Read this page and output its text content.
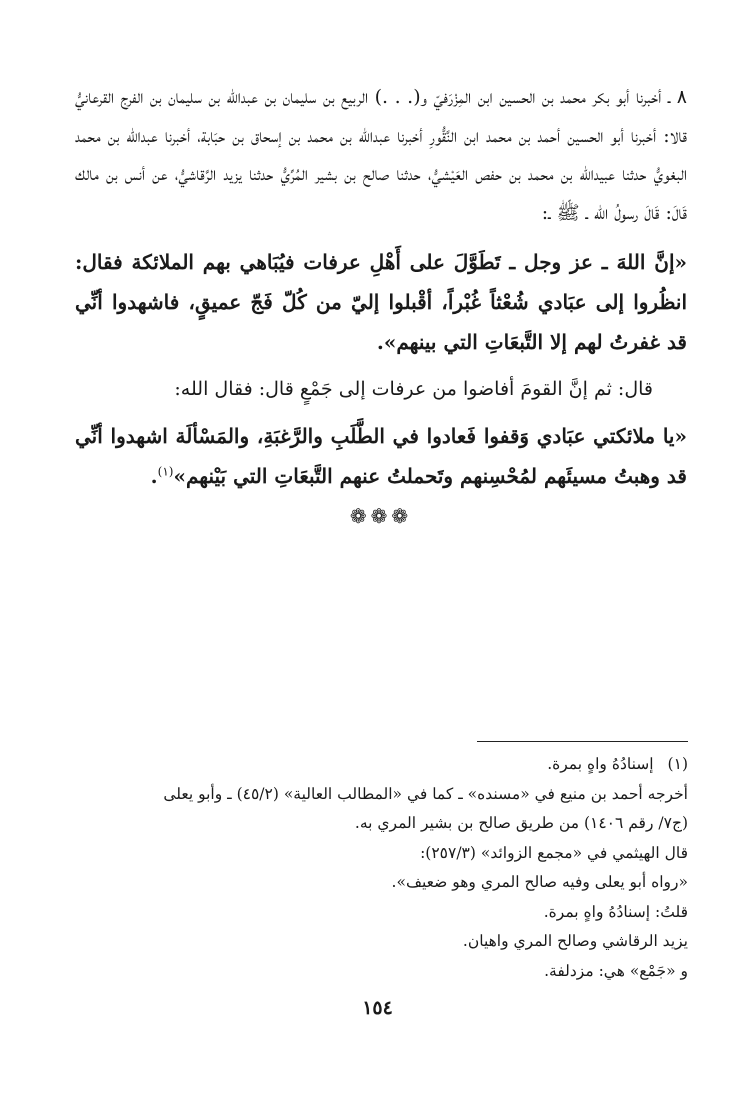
٨ ـ أخبرنا أبو بكر محمد بن الحسين ابن المِزْرَفيّ و(. . .) الربيع بن سليمان بن عبدالله بن سليمان بن الفرج القرعانيُّ قالا: أخبرنا أبو الحسين أحمد بن محمد ابن النَّقُّورِ أخبرنا عبدالله بن محمد بن إسحاق بن حبَابة، أخبرنا عبدالله بن محمد البغويُّ حدثنا عبيدالله بن محمد بن حفص العَيْشيُّ، حدثنا صالح بن بشير المُرِّيُّ حدثنا يزيد الرَّقاشيُّ، عن أنس بن مالك قَالَ: قَالَ رسولُ الله ـ ﷺ ـ:

«إنَّ اللهَ ـ عز وجل ـ تَطَوَّلَ على أَهْلِ عرفات فيُبَاهي بهم الملائكة فقال: انظُروا إلى عبَادي شُعْثاً غُبْراً، أقْبلوا إليّ من كُلّ فَجّ عميقٍ، فاشهدوا أنِّي قد غفرتُ لهم إلا التَّبعَاتِ التي بينهم».

قال: ثم إنَّ القومَ أفاضوا من عرفات إلى جَمْعٍ قال: فقال الله:

«يا ملائكتي عبَادي وَقفوا فَعادوا في الطَّلَبِ والرَّغبَةِ، والمَسْألَة اشهدوا أنِّي قد وهبتُ مسيئَهم لمُحْسِنهم وتَحملتُ عنهم التَّبعَاتِ التي بَيْنهم»$^{(١)}$.

❁❁❁
(١)
إسنادُهُ واهٍ بمرة.

أخرجه أحمد بن منيع في «مسنده» ـ كما في «المطالب العالية» (٤٥/٢) ـ وأبو يعلى

(ج٧/ رقم ١٤٠٦) من طريق صالح بن بشير المري به.

قال الهيثمي في «مجمع الزوائد» (٢٥٧/٣):

«رواه أبو يعلى وفيه صالح المري وهو ضعيف».

قلتُ: إسنادُهُ واهٍ بمرة.

يزيد الرقاشي وصالح المري واهيان.

و «جَمْع» هي: مزدلفة.

١٥٤
